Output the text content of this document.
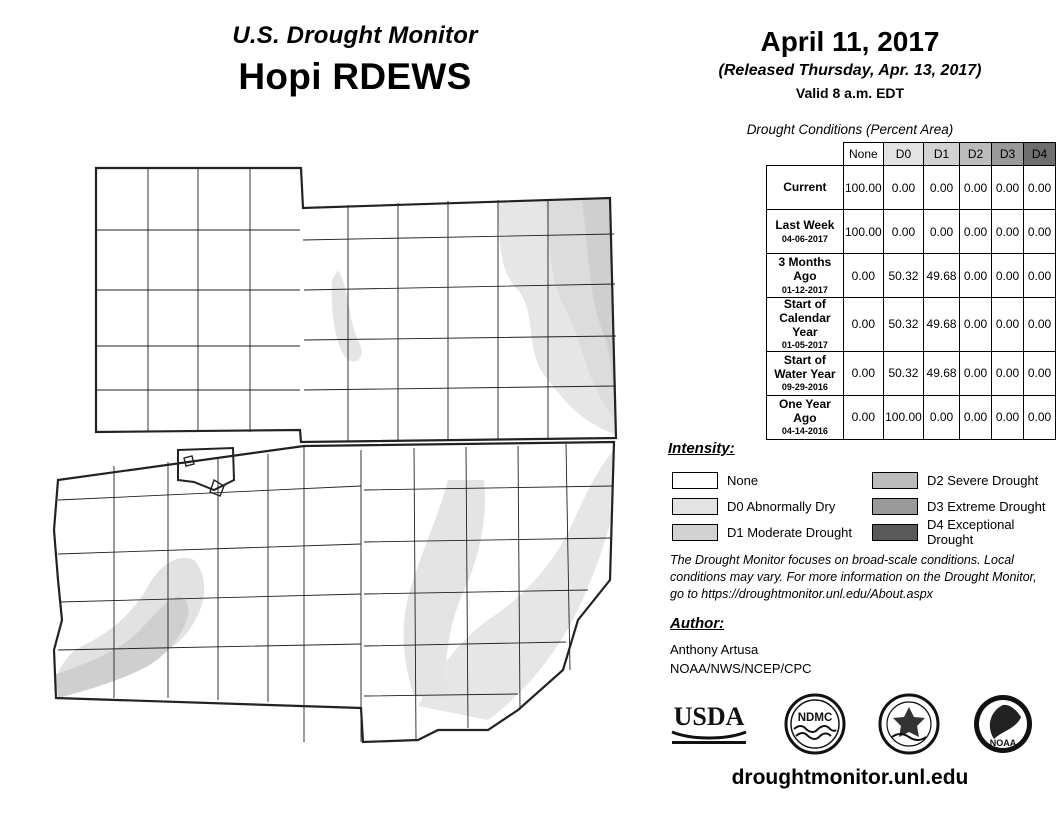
U.S. Drought Monitor
Hopi RDEWS
April 11, 2017
(Released Thursday, Apr. 13, 2017)
Valid 8 a.m. EDT
Drought Conditions (Percent Area)
	None	D0	D1	D2	D3	D4
Current	100.00	0.00	0.00	0.00	0.00	0.00
Last Week
04-06-2017	100.00	0.00	0.00	0.00	0.00	0.00
3 Months Ago
01-12-2017	0.00	50.32	49.68	0.00	0.00	0.00
Start of Calendar Year
01-05-2017	0.00	50.32	49.68	0.00	0.00	0.00
Start of Water Year
09-29-2016	0.00	50.32	49.68	0.00	0.00	0.00
One Year Ago
04-14-2016	0.00	100.00	0.00	0.00	0.00	0.00
Intensity:
None
D0 Abnormally Dry
D1 Moderate Drought
D2 Severe Drought
D3 Extreme Drought
D4 Exceptional Drought
The Drought Monitor focuses on broad-scale conditions. Local conditions may vary. For more information on the Drought Monitor, go to https://droughtmonitor.unl.edu/About.aspx
Author:
Anthony Artusa
NOAA/NWS/NCEP/CPC
USDA	NDMC
NOAA
droughtmonitor.unl.edu
